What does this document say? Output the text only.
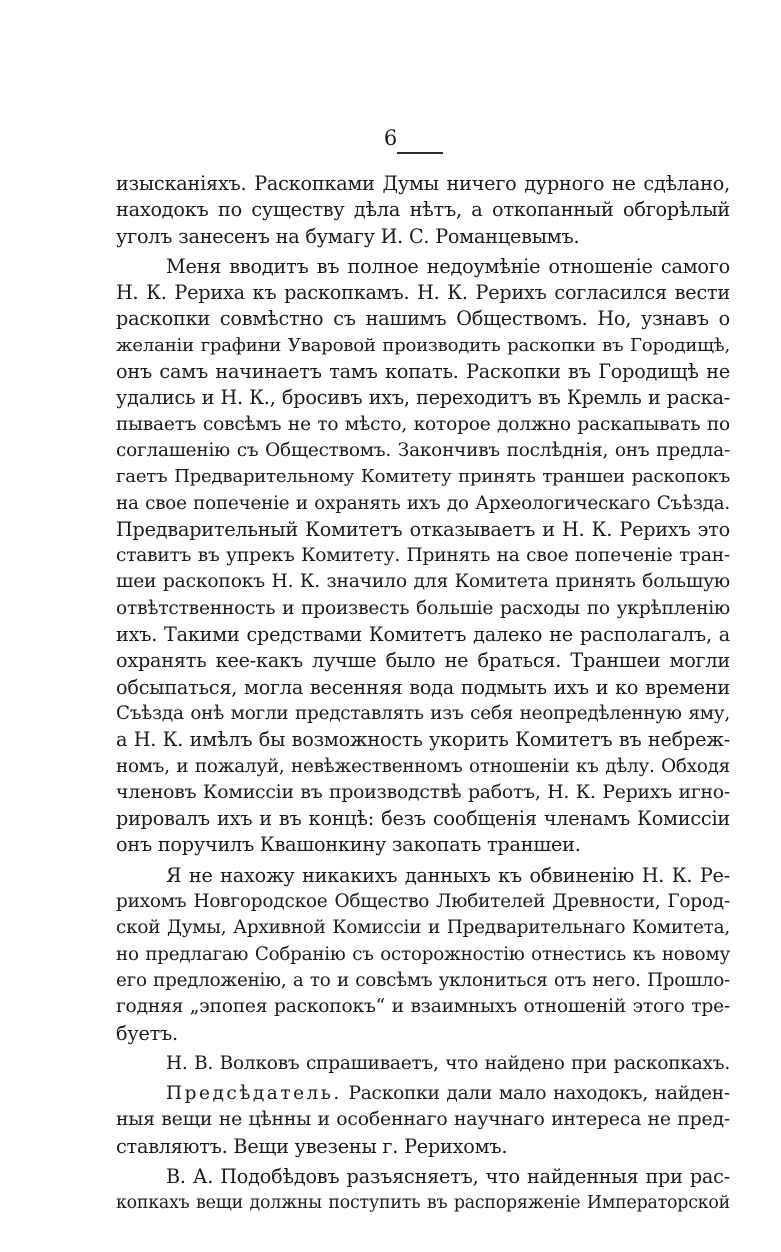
6
изысканіяхъ. Раскопками Думы ничего дурного не сдѣлано,
находокъ по существу дѣла нѣтъ, а откопанный обгорѣлый
уголъ занесенъ на бумагу И. С. Романцевымъ.
Меня вводитъ въ полное недоумѣніе отношеніе самого
Н. К. Рериха къ раскопкамъ. Н. К. Рерихъ согласился вести
раскопки совмѣстно съ нашимъ Обществомъ. Но, узнавъ о
желаніи графини Уваровой производить раскопки въ Городищѣ,
онъ самъ начинаетъ тамъ копать. Раскопки въ Городищѣ не
удались и Н. К., бросивъ ихъ, переходитъ въ Кремль и раска-
пываетъ совсѣмъ не то мѣсто, которое должно раскапывать по
соглашенію съ Обществомъ. Закончивъ послѣднія, онъ предла-
гаетъ Предварительному Комитету принять траншеи раскопокъ
на свое попеченіе и охранять ихъ до Археологическаго Съѣзда.
Предварительный Комитетъ отказываетъ и Н. К. Рерихъ это
ставитъ въ упрекъ Комитету. Принять на свое попеченіе тран-
шеи раскопокъ Н. К. значило для Комитета принять большую
отвѣтственность и произвесть большіе расходы по укрѣпленію
ихъ. Такими средствами Комитетъ далеко не располагалъ, а
охранять кее-какъ лучше было не браться. Траншеи могли
обсыпаться, могла весенняя вода подмыть ихъ и ко времени
Съѣзда онѣ могли представлять изъ себя неопредѣленную яму,
а Н. К. имѣлъ бы возможность укорить Комитетъ въ небреж-
номъ, и пожалуй, невѣжественномъ отношеніи къ дѣлу. Обходя
членовъ Комиссіи въ производствѣ работъ, Н. К. Рерихъ игно-
рировалъ ихъ и въ концѣ: безъ сообщенія членамъ Комиссіи
онъ поручилъ Квашонкину закопать траншеи.
Я не нахожу никакихъ данныхъ къ обвиненію Н. К. Ре-
рихомъ Новгородское Общество Любителей Древности, Город-
ской Думы, Архивной Комиссіи и Предварительнаго Комитета,
но предлагаю Собранію съ осторожностію отнестись къ новому
его предложенію, а то и совсѣмъ уклониться отъ него. Прошло-
годняя „эпопея раскопокъ“ и взаимныхъ отношеній этого тре-
буетъ.
Н. В. Волковъ спрашиваетъ, что найдено при раскопкахъ.
Предсѣдатель. Раскопки дали мало находокъ, найден-
ныя вещи не цѣнны и особеннаго научнаго интереса не пред-
ставляютъ. Вещи увезены г. Рерихомъ.
В. А. Подобѣдовъ разъясняетъ, что найденныя при рас-
копкахъ вещи должны поступить въ распоряженіе Императорской
